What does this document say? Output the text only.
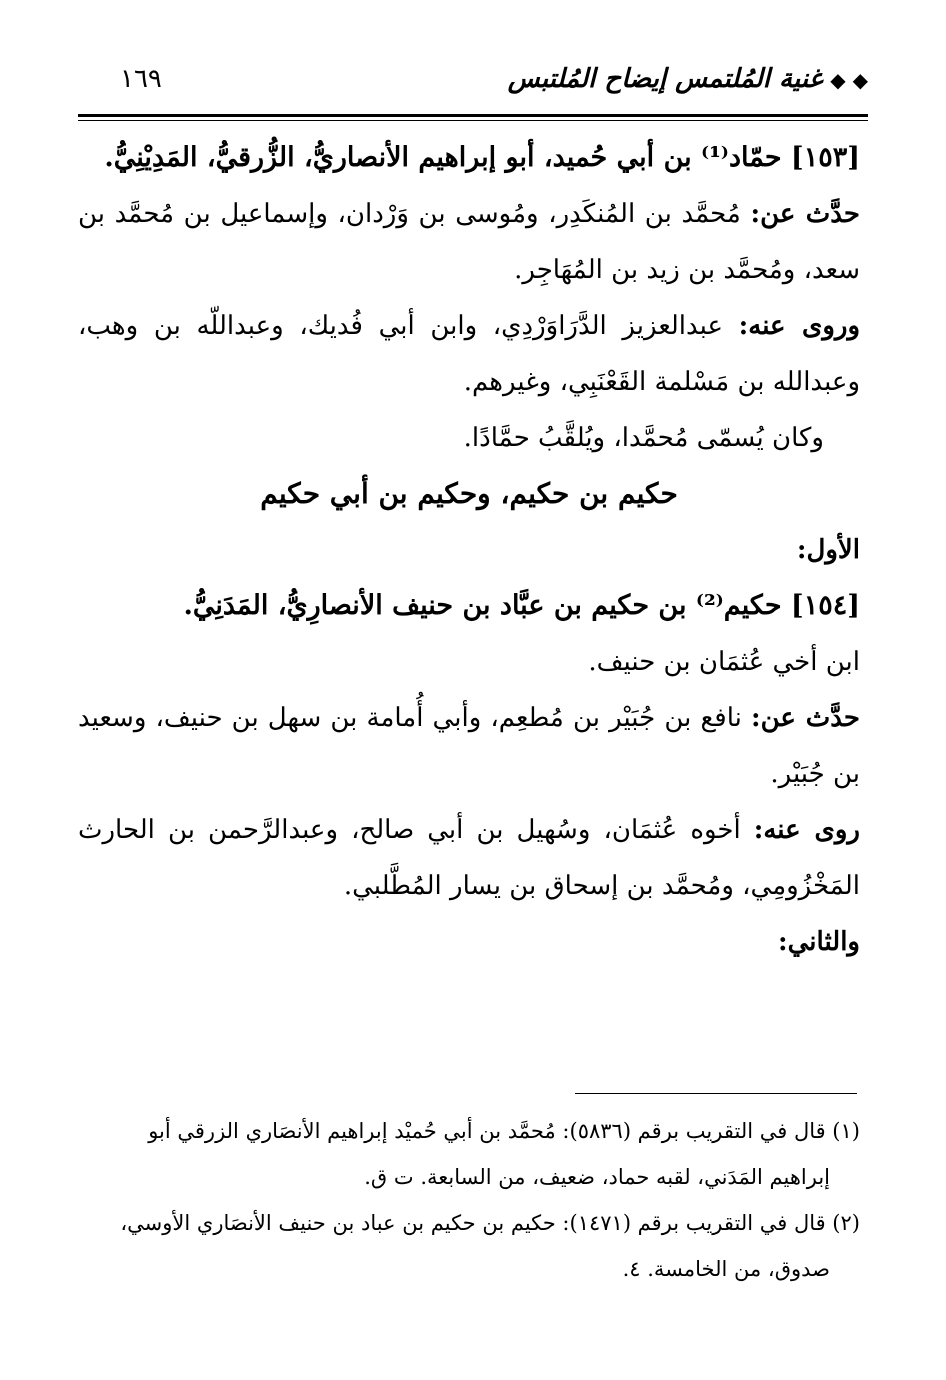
◆ ◆غنية المُلتمس إيضاح المُلتبس
١٦٩

[١٥٣] حمّاد⁽¹⁾ بن أبي حُميد، أبو إبراهيم الأنصاريُّ، الزُّرقيُّ، المَدِيْنِيُّ.

حدَّث عن: مُحمَّد بن المُنكَدِر، ومُوسى بن وَرْدان، وإسماعيل بن مُحمَّد بن سعد، ومُحمَّد بن زيد بن المُهَاجِر.

وروى عنه: عبدالعزيز الدَّرَاوَرْدِي، وابن أبي فُديك، وعبداللّه بن وهب، وعبدالله بن مَسْلمة القَعْنَبِي، وغيرهم.

وكان يُسمّى مُحمَّدا، ويُلقَّبُ حمَّادًا.

حكيم بن حكيم، وحكيم بن أبي حكيم

الأول:

[١٥٤] حكيم⁽²⁾ بن حكيم بن عبَّاد بن حنيف الأنصارِيُّ، المَدَنِيُّ.

ابن أخي عُثمَان بن حنيف.

حدَّث عن: نافع بن جُبَيْر بن مُطعِم، وأبي أُمامة بن سهل بن حنيف، وسعيد بن جُبَيْر.

روى عنه: أخوه عُثمَان، وسُهيل بن أبي صالح، وعبدالرَّحمن بن الحارث المَخْزُومِي، ومُحمَّد بن إسحاق بن يسار المُطَّلبي.

والثاني:

(١) قال في التقريب برقم (٥٨٣٦): مُحمَّد بن أبي حُميْد إبراهيم الأنصَاري الزرقي أبو

إبراهيم المَدَني، لقبه حماد، ضعيف، من السابعة. ت ق.

(٢) قال في التقريب برقم (١٤٧١): حكيم بن حكيم بن عباد بن حنيف الأنصَاري الأوسي،

صدوق، من الخامسة. ٤.
